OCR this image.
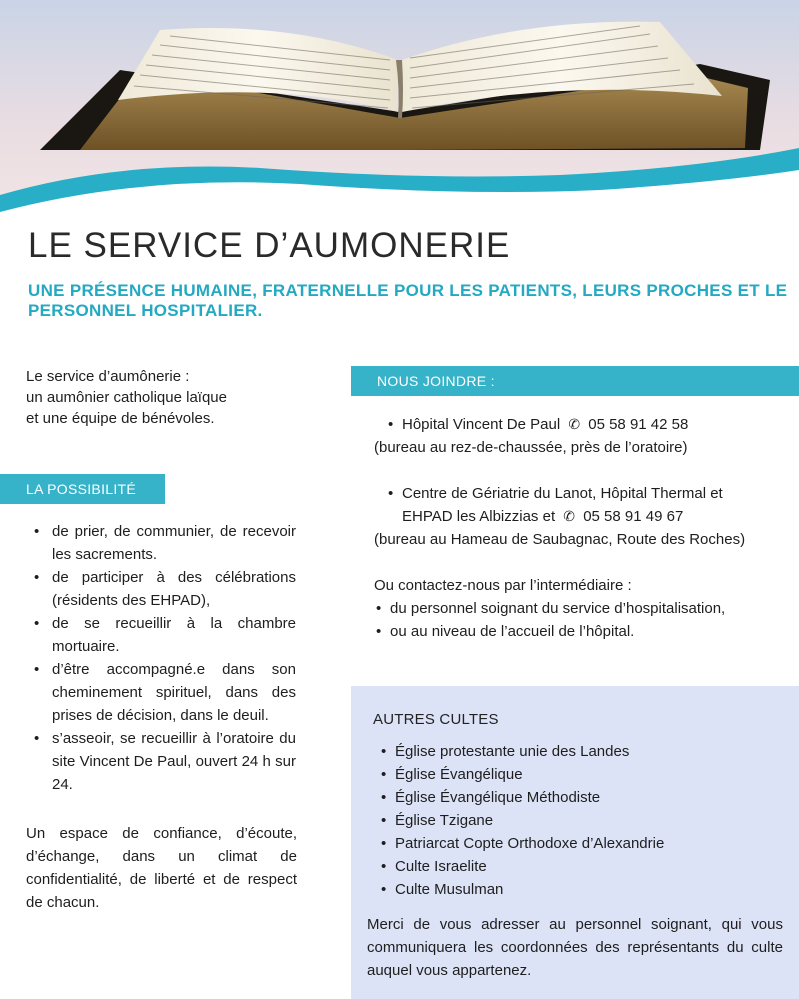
LE SERVICE D’AUMONERIE
UNE PRÉSENCE HUMAINE, FRATERNELLE POUR LES PATIENTS, LEURS PROCHES ET LE PERSONNEL HOSPITALIER.
Le service d’aumônerie :
un aumônier catholique laïque
et une équipe de bénévoles.
LA POSSIBILITÉ
• de prier, de communier, de recevoir les sacrements.
• de participer à des célébrations (résidents des EHPAD),
• de se recueillir à la chambre mortuaire.
• d’être accompagné.e dans son cheminement spirituel, dans des prises de décision, dans le deuil.
• s’asseoir, se recueillir à l’oratoire du site Vincent De Paul, ouvert 24 h sur 24.

Un espace de confiance, d’écoute, d’échange, dans un climat de confidentialité, de liberté et de respect de chacun.

NOUS JOINDRE :
• Hôpital Vincent De Paul ✆ 05 58 91 42 58
(bureau au rez-de-chaussée, près de l’oratoire)
• Centre de Gériatrie du Lanot, Hôpital Thermal et
EHPAD les Albizzias et ✆ 05 58 91 49 67
(bureau au Hameau de Saubagnac, Route des Roches)
Ou contactez-nous par l’intermédiaire :
• du personnel soignant du service d’hospitalisation,
• ou au niveau de l’accueil de l’hôpital.
AUTRES CULTES
• Église protestante unie des Landes
• Église Évangélique
• Église Évangélique Méthodiste
• Église Tzigane
• Patriarcat Copte Orthodoxe d’Alexandrie
• Culte Israelite
• Culte Musulman

Merci de vous adresser au personnel soignant, qui vous communiquera les coordonnées des représentants du culte auquel vous appartenez.
